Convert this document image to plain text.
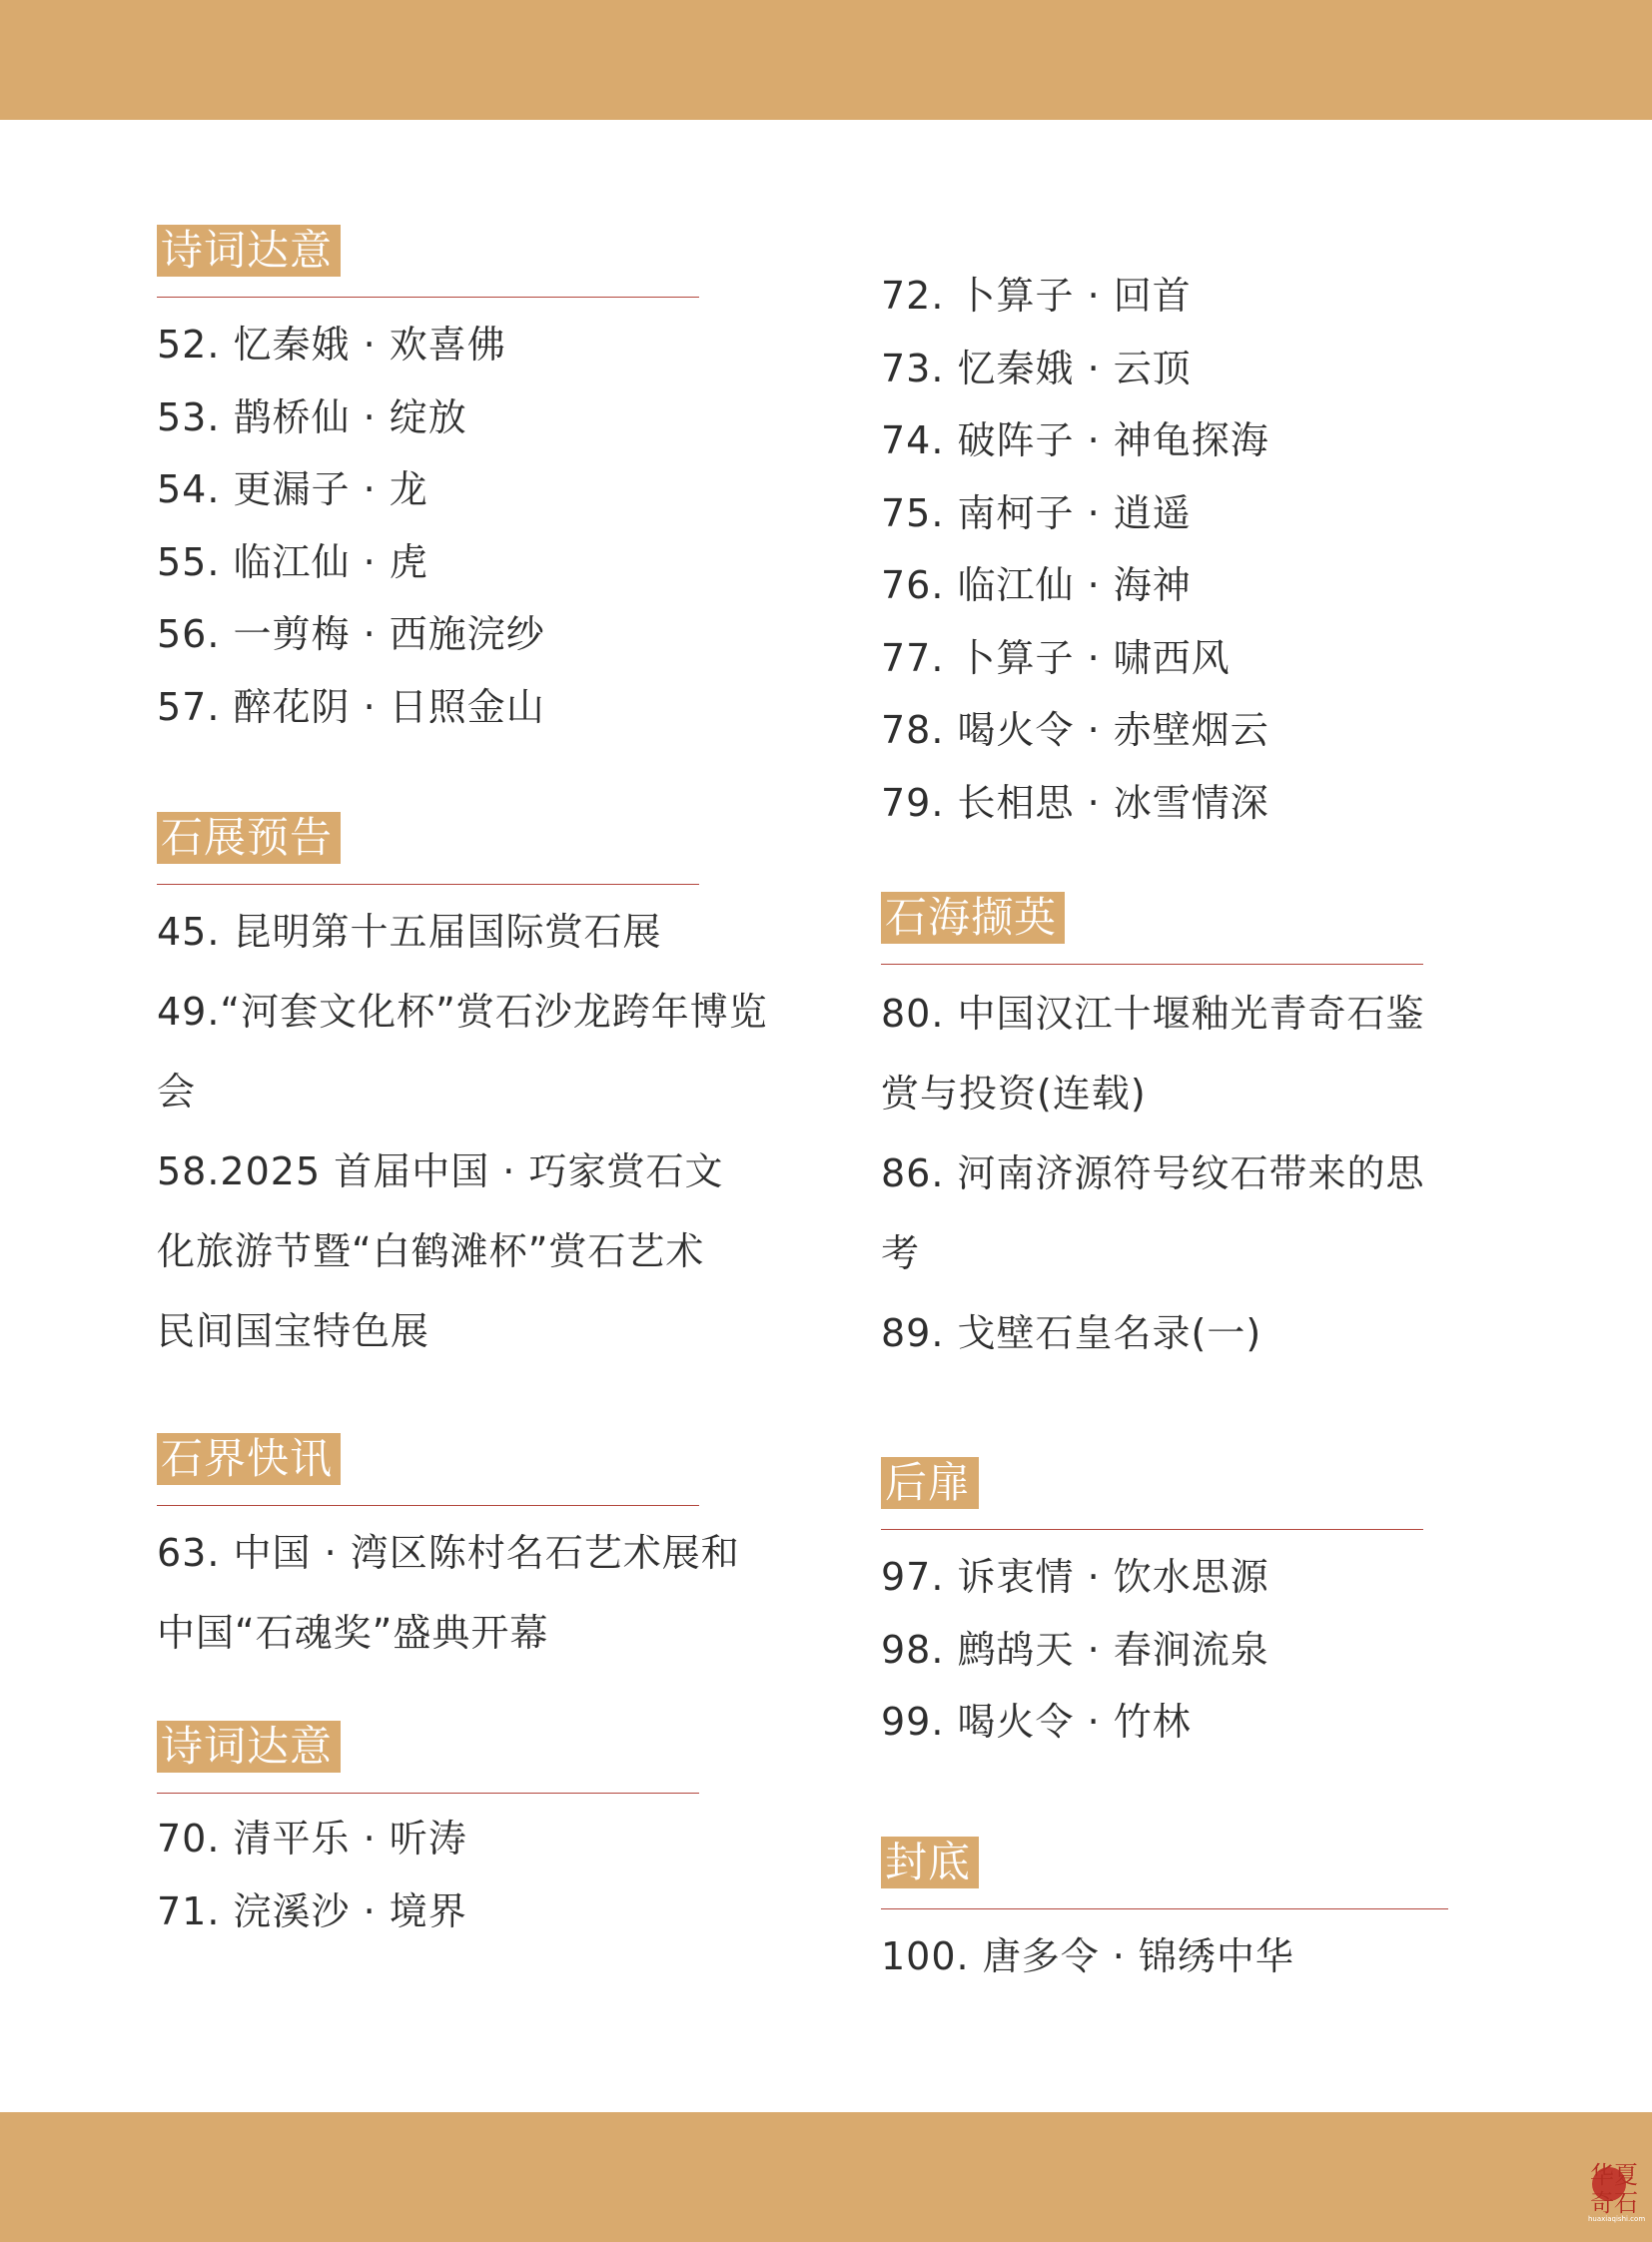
诗词达意
52. 忆秦娥 · 欢喜佛
53. 鹊桥仙 · 绽放
54. 更漏子 · 龙
55. 临江仙 · 虎
56. 一剪梅 · 西施浣纱
57. 醉花阴 · 日照金山
石展预告
45. 昆明第十五届国际赏石展
49.“河套文化杯”赏石沙龙跨年博览会
58.2025 首届中国 · 巧家赏石文化旅游节暨“白鹤滩杯”赏石艺术民间国宝特色展
石界快讯
63. 中国 · 湾区陈村名石艺术展和中国“石魂奖”盛典开幕
诗词达意
70. 清平乐 · 听涛
71. 浣溪沙 · 境界
72. 卜算子 · 回首
73. 忆秦娥 · 云顶
74. 破阵子 · 神龟探海
75. 南柯子 · 逍遥
76. 临江仙 · 海神
77. 卜算子 · 啸西风
78. 喝火令 · 赤壁烟云
79. 长相思 · 冰雪情深
石海撷英
80. 中国汉江十堰釉光青奇石鉴赏与投资(连载)
86. 河南济源符号纹石带来的思考
89. 戈壁石皇名录(一)
后扉
97. 诉衷情 · 饮水思源
98. 鹧鸪天 · 春涧流泉
99. 喝火令 · 竹林
封底
100. 唐多令 · 锦绣中华
华夏奇石
huaxiaqishi.com
